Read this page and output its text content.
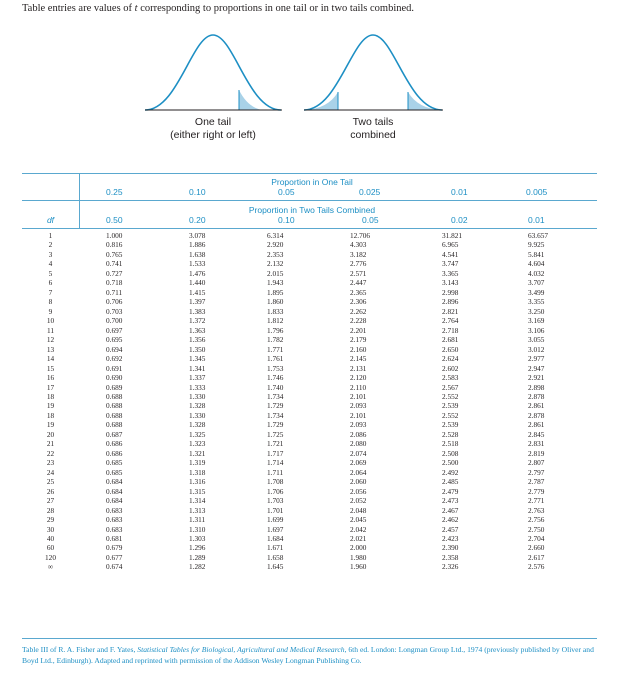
Table entries are values of t corresponding to proportions in one tail or in two tails combined.
One tail
(either right or left)
Two tails
combined
Proportion in One Tail
0.25	0.10	0.05	0.025	0.01	0.005
Proportion in Two Tails Combined
df	0.50	0.20	0.10	0.05	0.02	0.01
1	1.000	3.078	6.314	12.706	31.821	63.657
2	0.816	1.886	2.920	4.303	6.965	9.925
3	0.765	1.638	2.353	3.182	4.541	5.841
4	0.741	1.533	2.132	2.776	3.747	4.604
5	0.727	1.476	2.015	2.571	3.365	4.032
6	0.718	1.440	1.943	2.447	3.143	3.707
7	0.711	1.415	1.895	2.365	2.998	3.499
8	0.706	1.397	1.860	2.306	2.896	3.355
9	0.703	1.383	1.833	2.262	2.821	3.250
10	0.700	1.372	1.812	2.228	2.764	3.169
11	0.697	1.363	1.796	2.201	2.718	3.106
12	0.695	1.356	1.782	2.179	2.681	3.055
13	0.694	1.350	1.771	2.160	2.650	3.012
14	0.692	1.345	1.761	2.145	2.624	2.977
15	0.691	1.341	1.753	2.131	2.602	2.947
16	0.690	1.337	1.746	2.120	2.583	2.921
17	0.689	1.333	1.740	2.110	2.567	2.898
18	0.688	1.330	1.734	2.101	2.552	2.878
19	0.688	1.328	1.729	2.093	2.539	2.861
18	0.688	1.330	1.734	2.101	2.552	2.878
19	0.688	1.328	1.729	2.093	2.539	2.861
20	0.687	1.325	1.725	2.086	2.528	2.845
21	0.686	1.323	1.721	2.080	2.518	2.831
22	0.686	1.321	1.717	2.074	2.508	2.819
23	0.685	1.319	1.714	2.069	2.500	2.807
24	0.685	1.318	1.711	2.064	2.492	2.797
25	0.684	1.316	1.708	2.060	2.485	2.787
26	0.684	1.315	1.706	2.056	2.479	2.779
27	0.684	1.314	1.703	2.052	2.473	2.771
28	0.683	1.313	1.701	2.048	2.467	2.763
29	0.683	1.311	1.699	2.045	2.462	2.756
30	0.683	1.310	1.697	2.042	2.457	2.750
40	0.681	1.303	1.684	2.021	2.423	2.704
60	0.679	1.296	1.671	2.000	2.390	2.660
120	0.677	1.289	1.658	1.980	2.358	2.617
∞	0.674	1.282	1.645	1.960	2.326	2.576
Table III of R. A. Fisher and F. Yates, Statistical Tables for Biological, Agricultural and Medical Research, 6th ed. London: Longman Group Ltd., 1974 (previously published by Oliver and Boyd Ltd., Edinburgh). Adapted and reprinted with permission of the Addison Wesley Longman Publishing Co.
